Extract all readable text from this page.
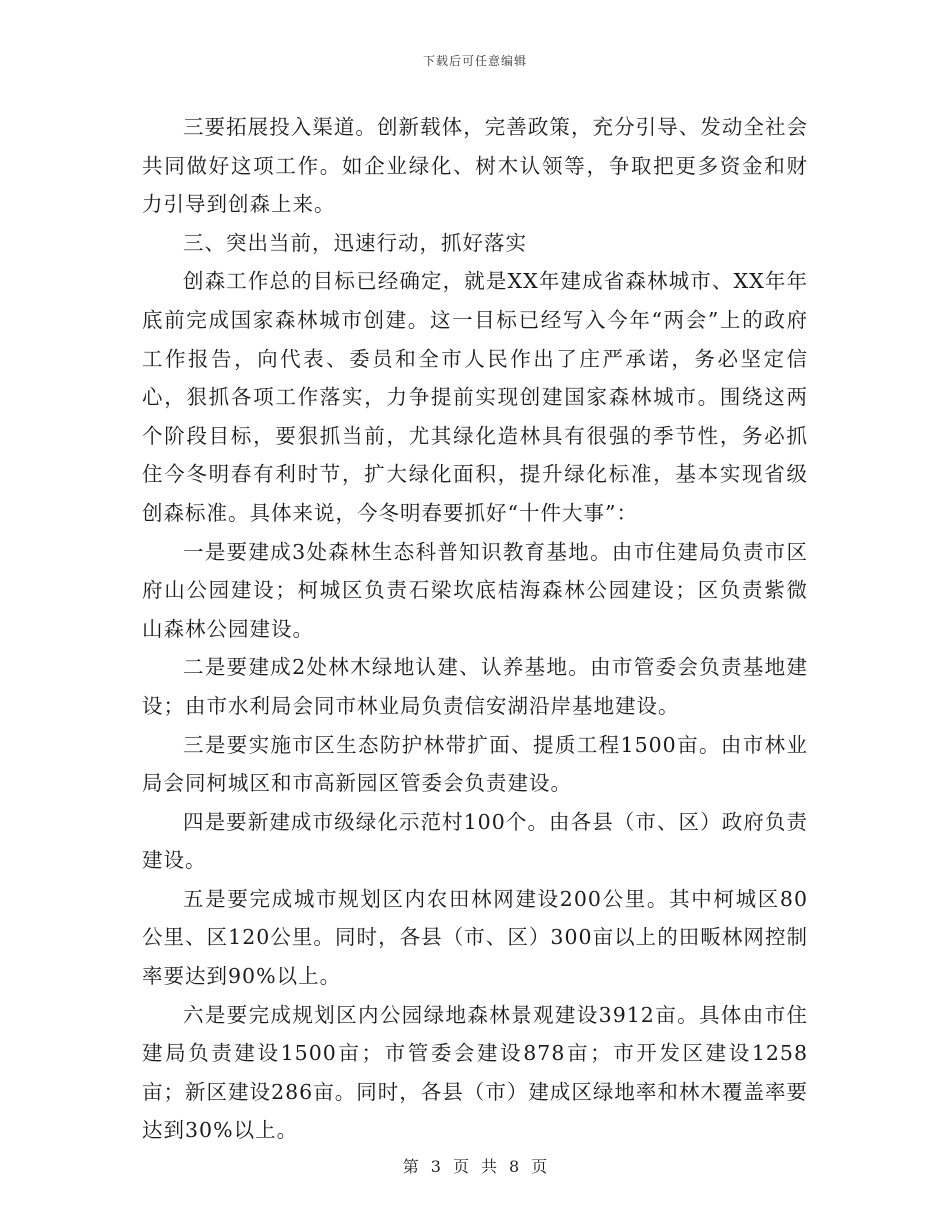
下载后可任意编辑

三要拓展投入渠道。创新载体，完善政策，充分引导、发动全社会共同做好这项工作。如企业绿化、树木认领等，争取把更多资金和财力引导到创森上来。

三、突出当前，迅速行动，抓好落实

创森工作总的目标已经确定，就是XX年建成省森林城市、XX年年底前完成国家森林城市创建。这一目标已经写入今年“两会”上的政府工作报告，向代表、委员和全市人民作出了庄严承诺，务必坚定信心，狠抓各项工作落实，力争提前实现创建国家森林城市。围绕这两个阶段目标，要狠抓当前，尤其绿化造林具有很强的季节性，务必抓住今冬明春有利时节，扩大绿化面积，提升绿化标准，基本实现省级创森标准。具体来说，今冬明春要抓好“十件大事”：

一是要建成3处森林生态科普知识教育基地。由市住建局负责市区府山公园建设；柯城区负责石梁坎底桔海森林公园建设；区负责紫微山森林公园建设。

二是要建成2处林木绿地认建、认养基地。由市管委会负责基地建设；由市水利局会同市林业局负责信安湖沿岸基地建设。

三是要实施市区生态防护林带扩面、提质工程1500亩。由市林业局会同柯城区和市高新园区管委会负责建设。

四是要新建成市级绿化示范村100个。由各县（市、区）政府负责建设。

五是要完成城市规划区内农田林网建设200公里。其中柯城区80公里、区120公里。同时，各县（市、区）300亩以上的田畈林网控制率要达到90%以上。

六是要完成规划区内公园绿地森林景观建设3912亩。具体由市住建局负责建设1500亩；市管委会建设878亩；市开发区建设1258亩；新区建设286亩。同时，各县（市）建成区绿地率和林木覆盖率要达到30%以上。

第 3 页 共 8 页
